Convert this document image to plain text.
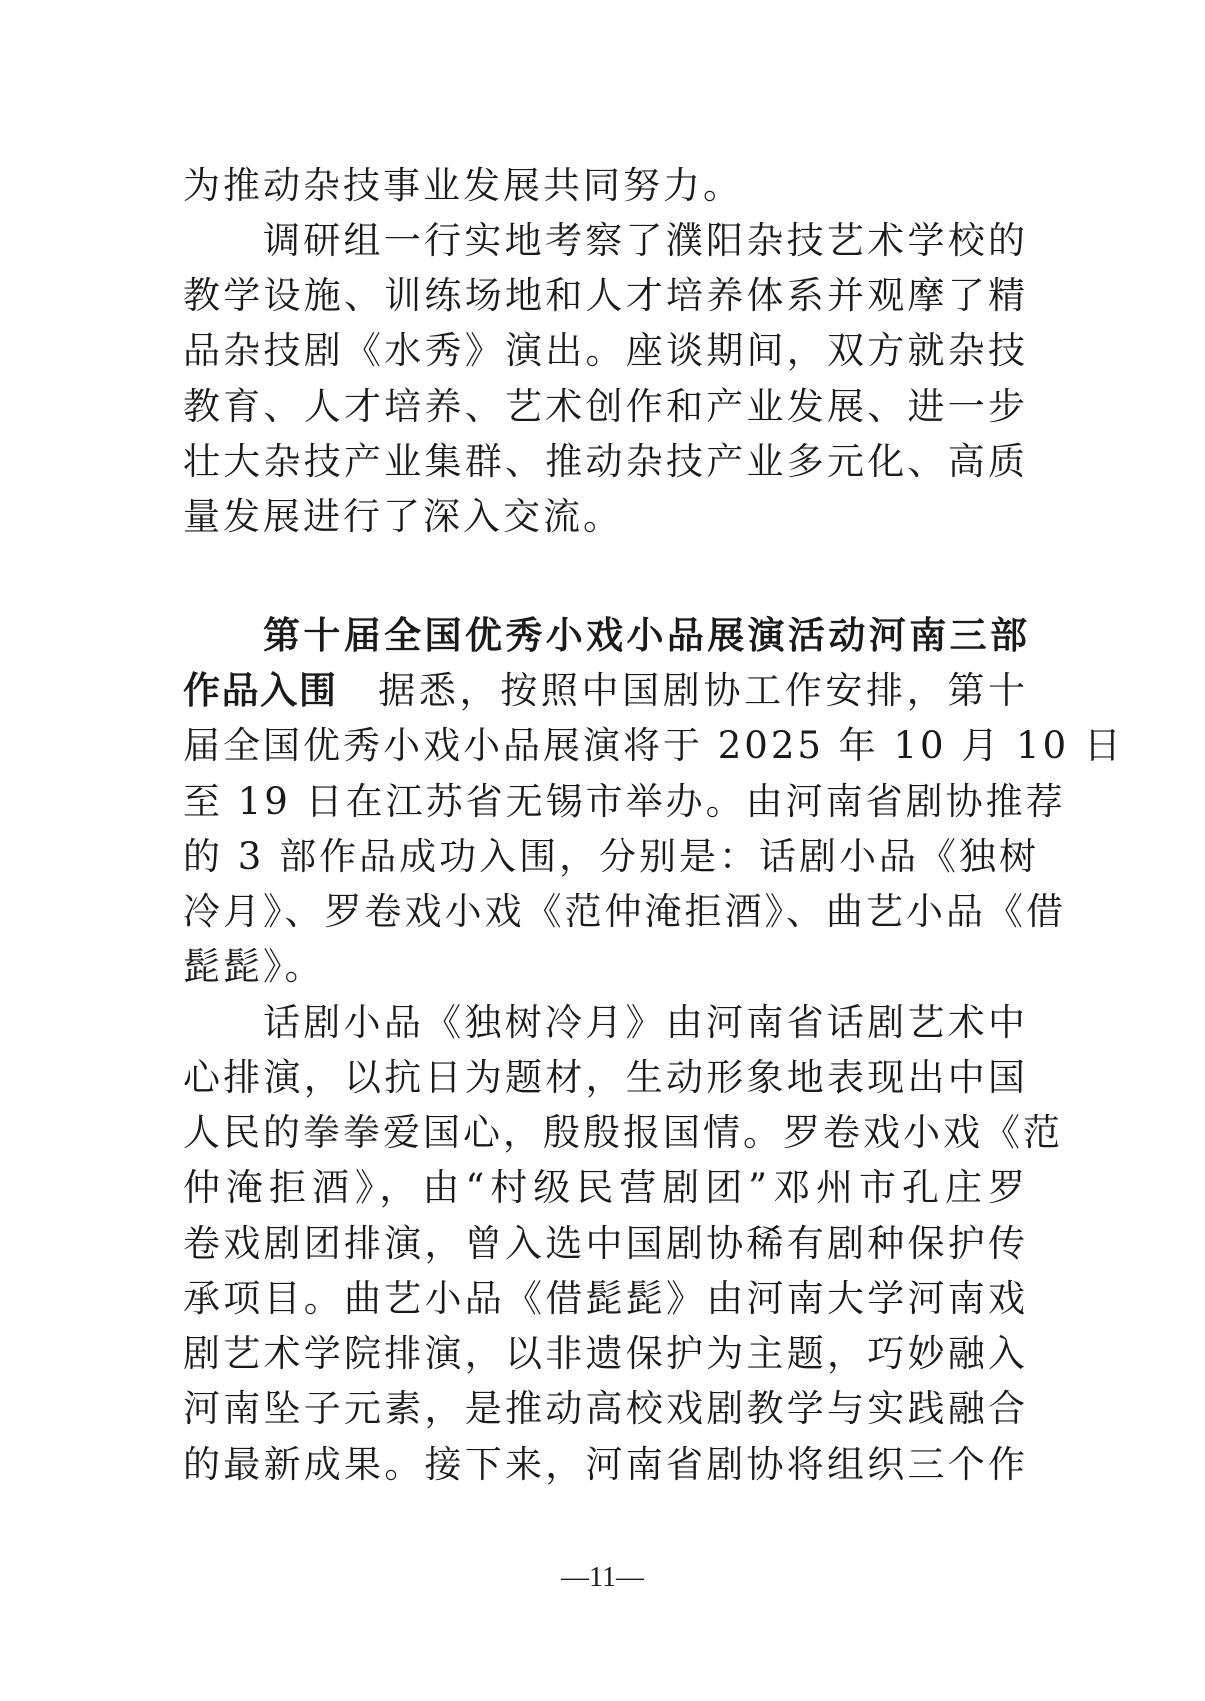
为推动杂技事业发展共同努力。
调研组一行实地考察了濮阳杂技艺术学校的
教学设施、训练场地和人才培养体系并观摩了精
品杂技剧《水秀》演出。座谈期间，双方就杂技
教育、人才培养、艺术创作和产业发展、进一步
壮大杂技产业集群、推动杂技产业多元化、高质
量发展进行了深入交流。
第十届全国优秀小戏小品展演活动河南三部
作品入围　据悉，按照中国剧协工作安排，第十
届全国优秀小戏小品展演将于 2025 年 10 月 10 日
至 19 日在江苏省无锡市举办。由河南省剧协推荐
的 3 部作品成功入围，分别是：话剧小品《独树
冷月》、罗卷戏小戏《范仲淹拒酒》、曲艺小品《借
髭髭》。
话剧小品《独树冷月》由河南省话剧艺术中
心排演，以抗日为题材，生动形象地表现出中国
人民的拳拳爱国心，殷殷报国情。罗卷戏小戏《范
仲淹拒酒》，由“村级民营剧团”邓州市孔庄罗
卷戏剧团排演，曾入选中国剧协稀有剧种保护传
承项目。曲艺小品《借髭髭》由河南大学河南戏
剧艺术学院排演，以非遗保护为主题，巧妙融入
河南坠子元素，是推动高校戏剧教学与实践融合
的最新成果。接下来，河南省剧协将组织三个作
—11—
